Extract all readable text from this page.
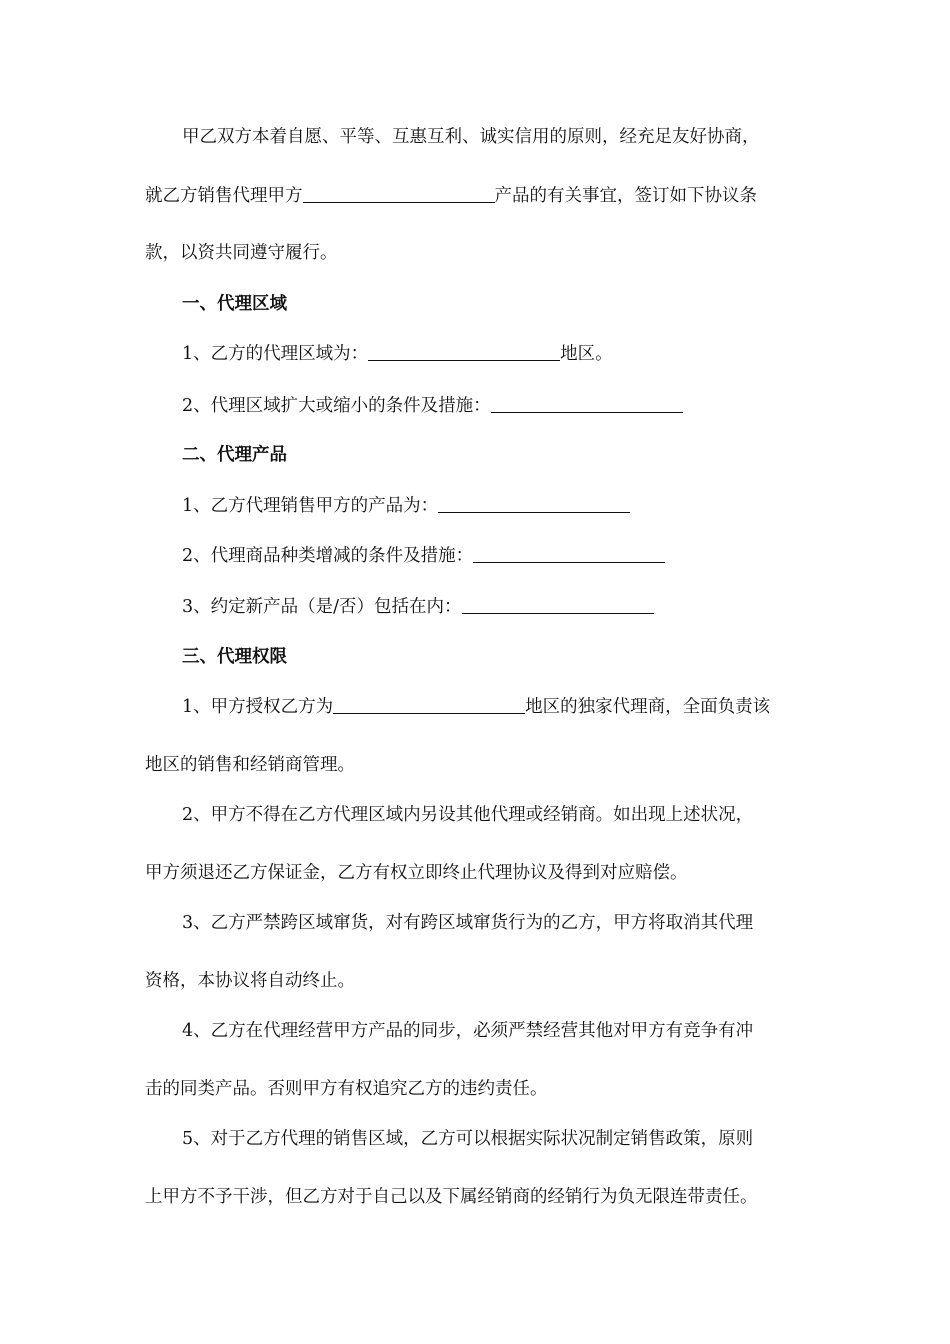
甲乙双方本着自愿、平等、互惠互利、诚实信用的原则，经充足友好协商，
就乙方销售代理甲方	产品的有关事宜，签订如下协议条
款，以资共同遵守履行。
一、代理区域
1、乙方的代理区域为：	地区。
2、代理区域扩大或缩小的条件及措施：
二、代理产品
1、乙方代理销售甲方的产品为：
2、代理商品种类增减的条件及措施：
3、约定新产品（是/否）包括在内：
三、代理权限
1、甲方授权乙方为	地区的独家代理商，全面负责该
地区的销售和经销商管理。
2、甲方不得在乙方代理区域内另设其他代理或经销商。如出现上述状况，
甲方须退还乙方保证金，乙方有权立即终止代理协议及得到对应赔偿。
3、乙方严禁跨区域窜货，对有跨区域窜货行为的乙方，甲方将取消其代理
资格，本协议将自动终止。
4、乙方在代理经营甲方产品的同步，必须严禁经营其他对甲方有竞争有冲
击的同类产品。否则甲方有权追究乙方的违约责任。
5、对于乙方代理的销售区域，乙方可以根据实际状况制定销售政策，原则
上甲方不予干涉，但乙方对于自己以及下属经销商的经销行为负无限连带责任。
